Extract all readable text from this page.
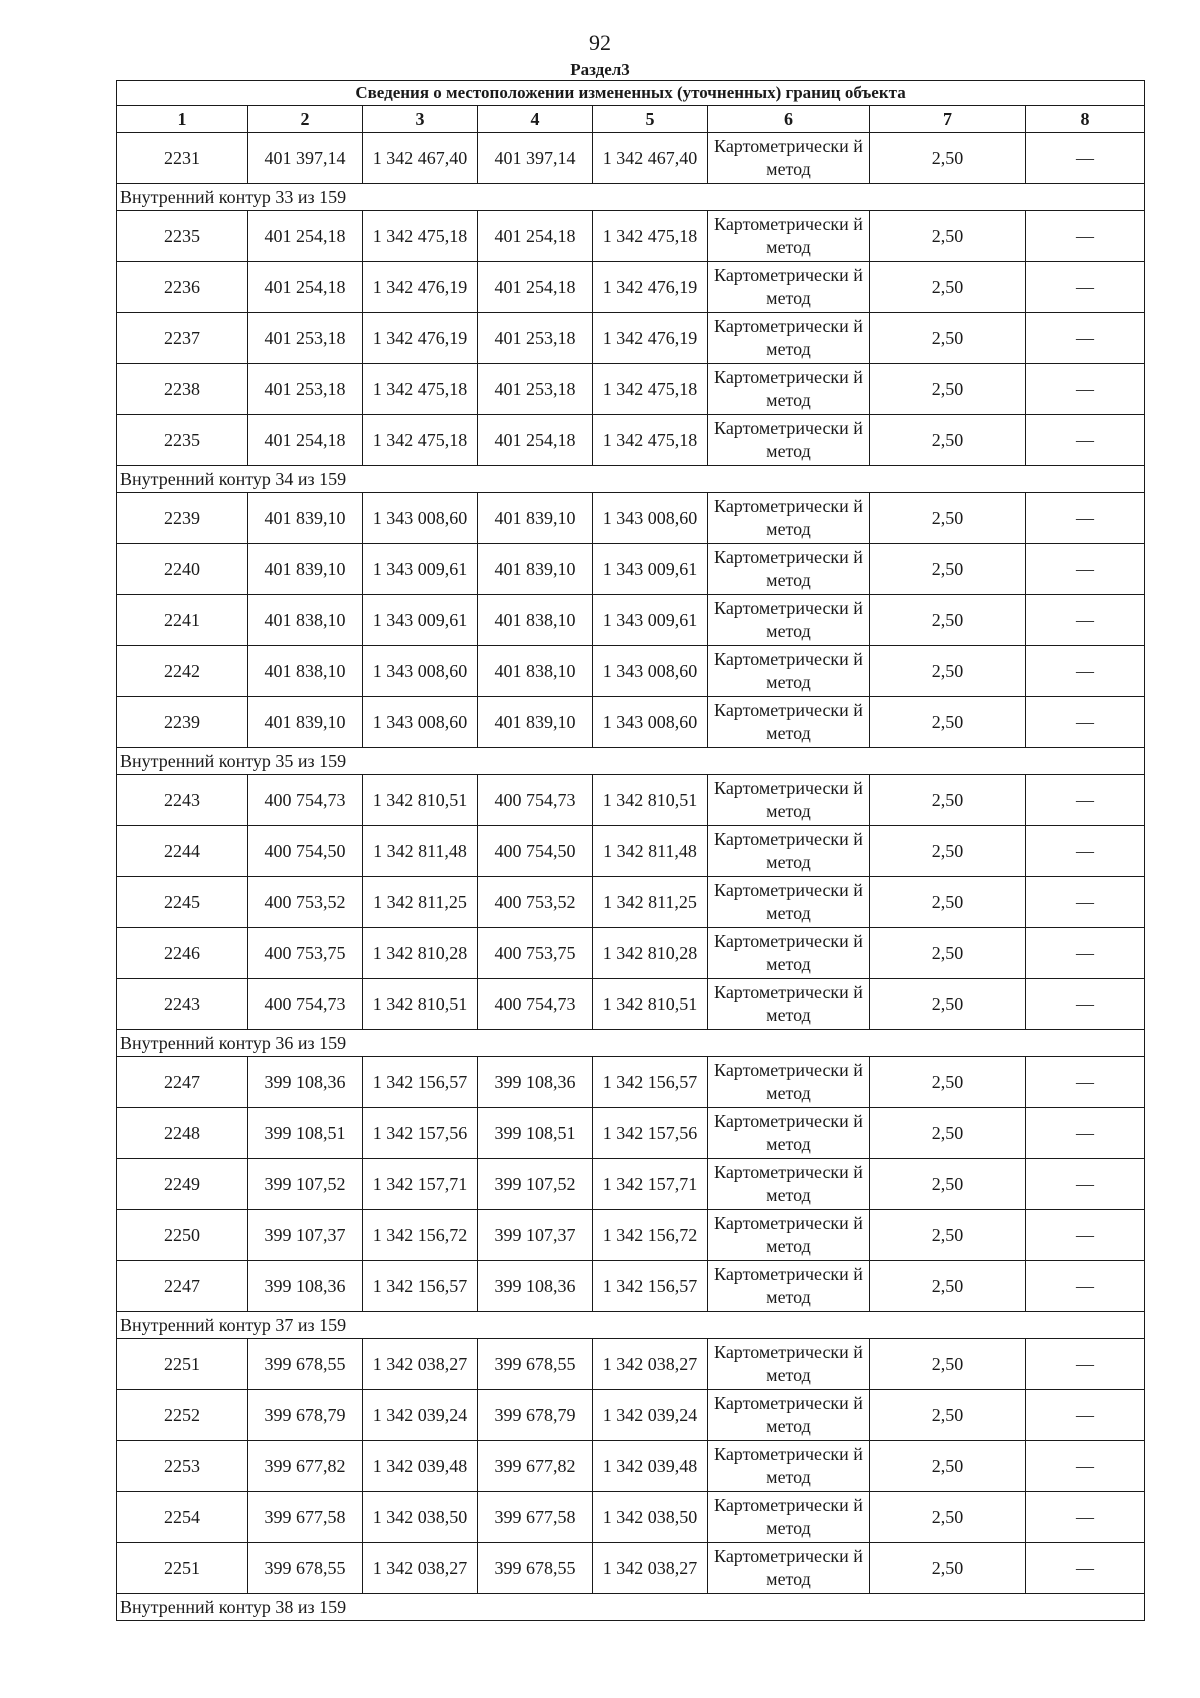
92
Раздел3
Сведения о местоположении измененных (уточненных) границ объекта							
1	2	3	4	5	6	7	8
2231	401 397,14	1 342 467,40	401 397,14	1 342 467,40	Картометрически й метод	2,50	—
Внутренний контур 33 из 159							
2235	401 254,18	1 342 475,18	401 254,18	1 342 475,18	Картометрически й метод	2,50	—
2236	401 254,18	1 342 476,19	401 254,18	1 342 476,19	Картометрически й метод	2,50	—
2237	401 253,18	1 342 476,19	401 253,18	1 342 476,19	Картометрически й метод	2,50	—
2238	401 253,18	1 342 475,18	401 253,18	1 342 475,18	Картометрически й метод	2,50	—
2235	401 254,18	1 342 475,18	401 254,18	1 342 475,18	Картометрически й метод	2,50	—
Внутренний контур 34 из 159							
2239	401 839,10	1 343 008,60	401 839,10	1 343 008,60	Картометрически й метод	2,50	—
2240	401 839,10	1 343 009,61	401 839,10	1 343 009,61	Картометрически й метод	2,50	—
2241	401 838,10	1 343 009,61	401 838,10	1 343 009,61	Картометрически й метод	2,50	—
2242	401 838,10	1 343 008,60	401 838,10	1 343 008,60	Картометрически й метод	2,50	—
2239	401 839,10	1 343 008,60	401 839,10	1 343 008,60	Картометрически й метод	2,50	—
Внутренний контур 35 из 159							
2243	400 754,73	1 342 810,51	400 754,73	1 342 810,51	Картометрически й метод	2,50	—
2244	400 754,50	1 342 811,48	400 754,50	1 342 811,48	Картометрически й метод	2,50	—
2245	400 753,52	1 342 811,25	400 753,52	1 342 811,25	Картометрически й метод	2,50	—
2246	400 753,75	1 342 810,28	400 753,75	1 342 810,28	Картометрически й метод	2,50	—
2243	400 754,73	1 342 810,51	400 754,73	1 342 810,51	Картометрически й метод	2,50	—
Внутренний контур 36 из 159							
2247	399 108,36	1 342 156,57	399 108,36	1 342 156,57	Картометрически й метод	2,50	—
2248	399 108,51	1 342 157,56	399 108,51	1 342 157,56	Картометрически й метод	2,50	—
2249	399 107,52	1 342 157,71	399 107,52	1 342 157,71	Картометрически й метод	2,50	—
2250	399 107,37	1 342 156,72	399 107,37	1 342 156,72	Картометрически й метод	2,50	—
2247	399 108,36	1 342 156,57	399 108,36	1 342 156,57	Картометрически й метод	2,50	—
Внутренний контур 37 из 159							
2251	399 678,55	1 342 038,27	399 678,55	1 342 038,27	Картометрически й метод	2,50	—
2252	399 678,79	1 342 039,24	399 678,79	1 342 039,24	Картометрически й метод	2,50	—
2253	399 677,82	1 342 039,48	399 677,82	1 342 039,48	Картометрически й метод	2,50	—
2254	399 677,58	1 342 038,50	399 677,58	1 342 038,50	Картометрически й метод	2,50	—
2251	399 678,55	1 342 038,27	399 678,55	1 342 038,27	Картометрически й метод	2,50	—
Внутренний контур 38 из 159							
